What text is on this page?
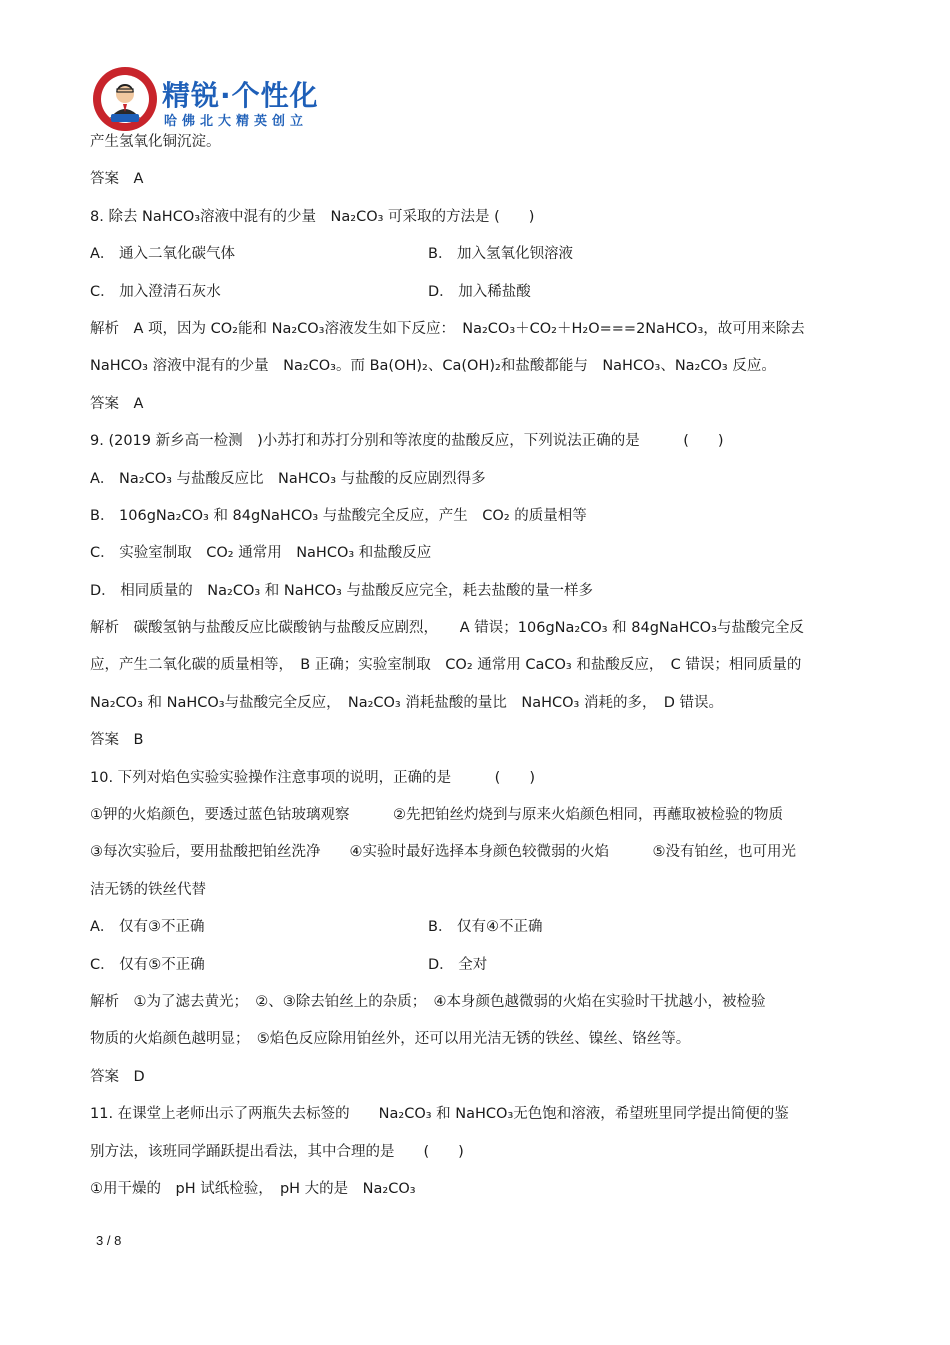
精锐·个性化
哈佛北大精英创立
产生氢氧化铜沉淀。
答案　A
8. 除去 NaHCO₃溶液中混有的少量　Na₂CO₃ 可采取的方法是 (　　)
A． 通入二氧化碳气体	B． 加入氢氧化钡溶液
C． 加入澄清石灰水	D． 加入稀盐酸
解析　A 项，因为 CO₂能和 Na₂CO₃溶液发生如下反应：　Na₂CO₃＋CO₂＋H₂O===2NaHCO₃，故可用来除去
NaHCO₃ 溶液中混有的少量　Na₂CO₃。而 Ba(OH)₂、Ca(OH)₂和盐酸都能与　NaHCO₃、Na₂CO₃ 反应。
答案　A
9. (2019 新乡高一检测　)小苏打和苏打分别和等浓度的盐酸反应，下列说法正确的是　　　(　　)
A． Na₂CO₃ 与盐酸反应比　NaHCO₃ 与盐酸的反应剧烈得多
B． 106gNa₂CO₃ 和 84gNaHCO₃ 与盐酸完全反应，产生　CO₂ 的质量相等
C． 实验室制取　CO₂ 通常用　NaHCO₃ 和盐酸反应
D． 相同质量的　Na₂CO₃ 和 NaHCO₃ 与盐酸反应完全，耗去盐酸的量一样多
解析　碳酸氢钠与盐酸反应比碳酸钠与盐酸反应剧烈，　　A 错误；106gNa₂CO₃ 和 84gNaHCO₃与盐酸完全反
应，产生二氧化碳的质量相等，　B 正确；实验室制取　CO₂ 通常用 CaCO₃ 和盐酸反应，　C 错误；相同质量的
Na₂CO₃ 和 NaHCO₃与盐酸完全反应，　Na₂CO₃ 消耗盐酸的量比　NaHCO₃ 消耗的多，　D 错误。
答案　B
10. 下列对焰色实验实验操作注意事项的说明，正确的是　　　(　　)
①钾的火焰颜色，要透过蓝色钴玻璃观察　　　②先把铂丝灼烧到与原来火焰颜色相同，再蘸取被检验的物质
③每次实验后，要用盐酸把铂丝洗净　　④实验时最好选择本身颜色较微弱的火焰　　　⑤没有铂丝，也可用光
洁无锈的铁丝代替
A． 仅有③不正确	B． 仅有④不正确
C． 仅有⑤不正确	D． 全对
解析　①为了滤去黄光；　②、③除去铂丝上的杂质；　④本身颜色越微弱的火焰在实验时干扰越小，被检验
物质的火焰颜色越明显；　⑤焰色反应除用铂丝外，还可以用光洁无锈的铁丝、镍丝、铬丝等。
答案　D
11. 在课堂上老师出示了两瓶失去标签的　　Na₂CO₃ 和 NaHCO₃无色饱和溶液，希望班里同学提出简便的鉴
别方法，该班同学踊跃提出看法，其中合理的是　　(　　)
①用干燥的　pH 试纸检验，　pH 大的是　Na₂CO₃
3 / 8
